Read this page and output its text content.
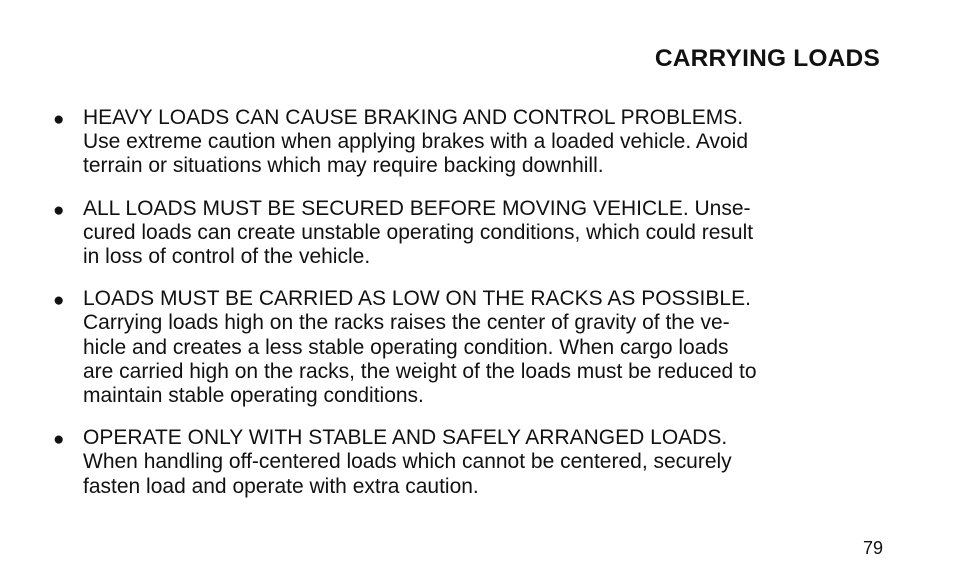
CARRYING LOADS
● HEAVY LOADS CAN CAUSE BRAKING AND CONTROL PROBLEMS.
Use extreme caution when applying brakes with a loaded vehicle. Avoid
terrain or situations which may require backing downhill.

● ALL LOADS MUST BE SECURED BEFORE MOVING VEHICLE. Unse-
cured loads can create unstable operating conditions, which could result
in loss of control of the vehicle.

● LOADS MUST BE CARRIED AS LOW ON THE RACKS AS POSSIBLE.
Carrying loads high on the racks raises the center of gravity of the ve-
hicle and creates a less stable operating condition. When cargo loads
are carried high on the racks, the weight of the loads must be reduced to
maintain stable operating conditions.

● OPERATE ONLY WITH STABLE AND SAFELY ARRANGED LOADS.
When handling off-centered loads which cannot be centered, securely
fasten load and operate with extra caution.

79
